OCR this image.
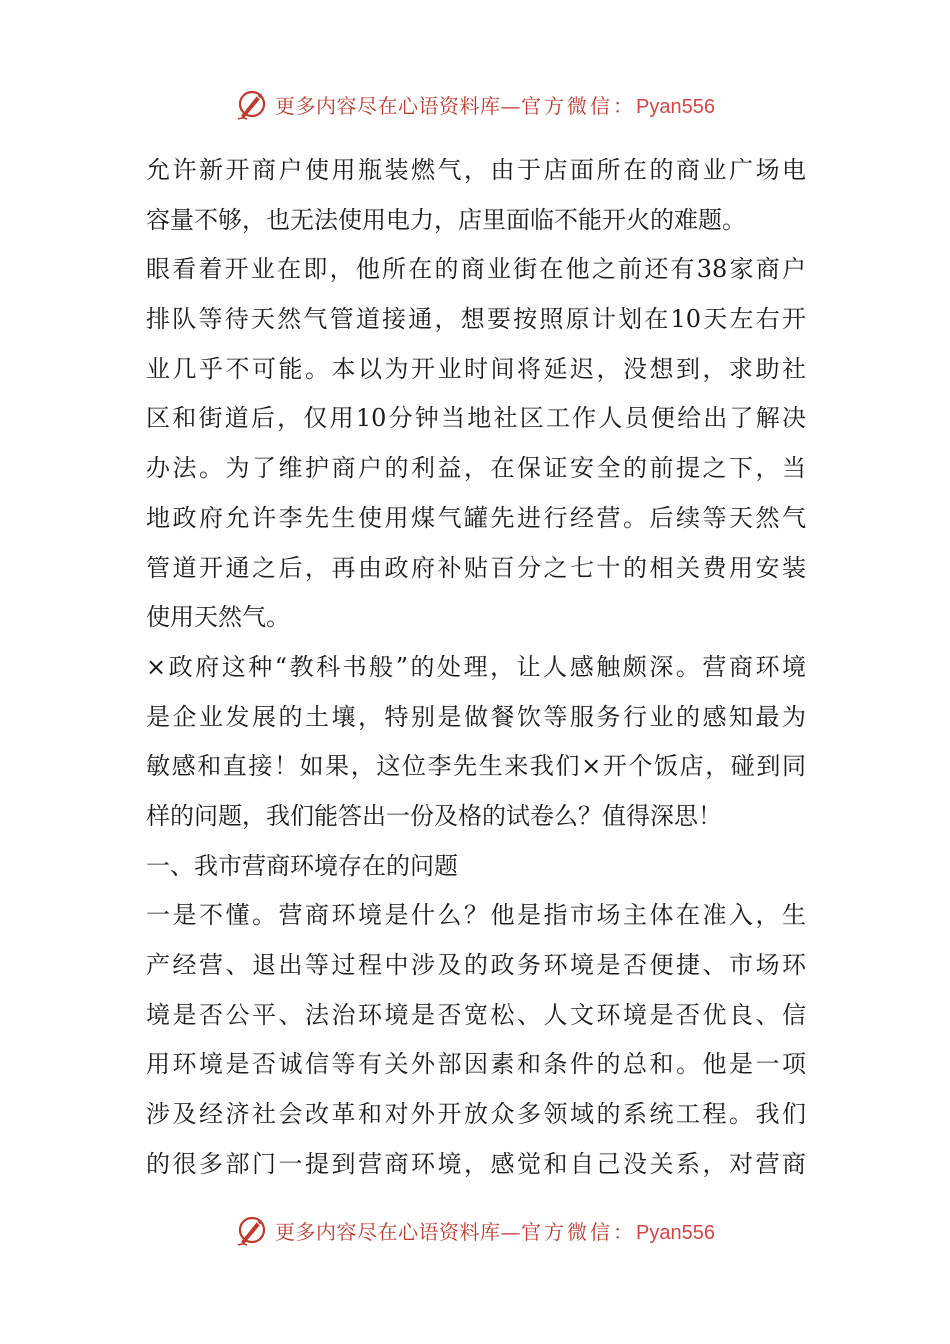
更多内容尽在心语资料库—官方微信：Pyan556
允许新开商户使用瓶装燃气，由于店面所在的商业广场电
容量不够，也无法使用电力，店里面临不能开火的难题。
眼看着开业在即，他所在的商业街在他之前还有38家商户
排队等待天然气管道接通，想要按照原计划在10天左右开
业几乎不可能。本以为开业时间将延迟，没想到，求助社
区和街道后，仅用10分钟当地社区工作人员便给出了解决
办法。为了维护商户的利益，在保证安全的前提之下，当
地政府允许李先生使用煤气罐先进行经营。后续等天然气
管道开通之后，再由政府补贴百分之七十的相关费用安装
使用天然气。
×政府这种“教科书般”的处理，让人感触颇深。营商环境
是企业发展的土壤，特别是做餐饮等服务行业的感知最为
敏感和直接！如果，这位李先生来我们×开个饭店，碰到同
样的问题，我们能答出一份及格的试卷么？值得深思！
一、我市营商环境存在的问题
一是不懂。营商环境是什么？他是指市场主体在准入，生
产经营、退出等过程中涉及的政务环境是否便捷、市场环
境是否公平、法治环境是否宽松、人文环境是否优良、信
用环境是否诚信等有关外部因素和条件的总和。他是一项
涉及经济社会改革和对外开放众多领域的系统工程。我们
的很多部门一提到营商环境，感觉和自己没关系，对营商
更多内容尽在心语资料库—官方微信：Pyan556
